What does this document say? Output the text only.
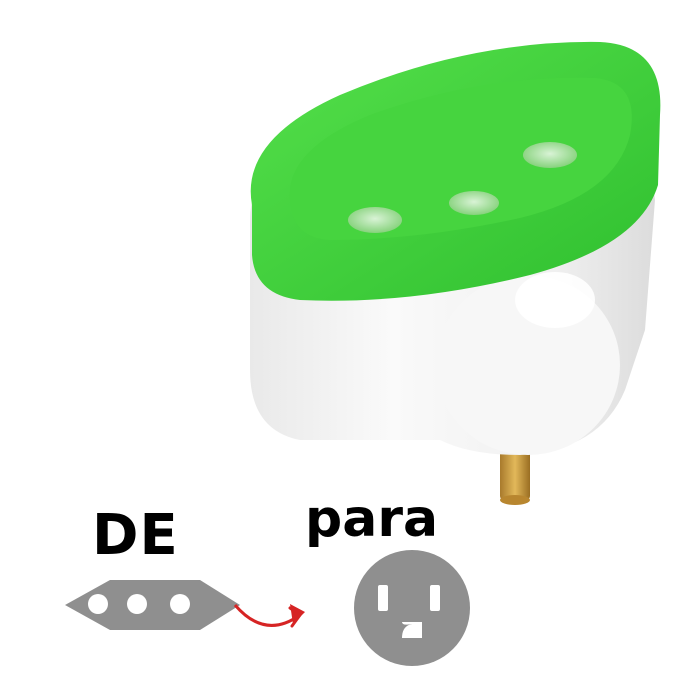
DE para
